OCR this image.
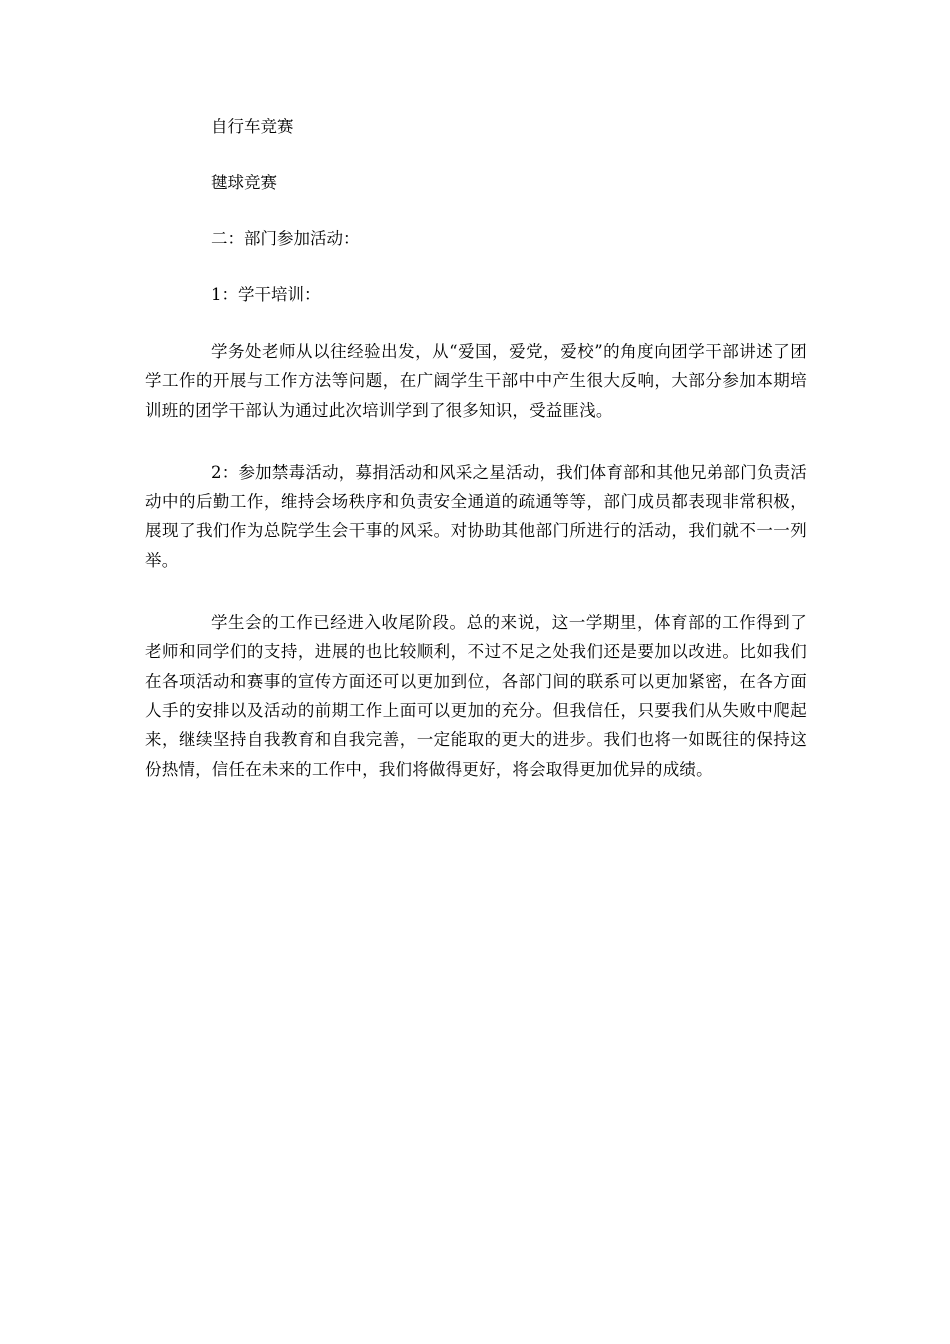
自行车竞赛

毽球竞赛

二：部门参加活动：

1：学干培训：

学务处老师从以往经验出发，从“爱国，爱党，爱校”的角度向团学干部讲述了团学工作的开展与工作方法等问题，在广阔学生干部中中产生很大反响，大部分参加本期培训班的团学干部认为通过此次培训学到了很多知识，受益匪浅。

2：参加禁毒活动，募捐活动和风采之星活动，我们体育部和其他兄弟部门负责活动中的后勤工作，维持会场秩序和负责安全通道的疏通等等，部门成员都表现非常积极，展现了我们作为总院学生会干事的风采。对协助其他部门所进行的活动，我们就不一一列举。

学生会的工作已经进入收尾阶段。总的来说，这一学期里，体育部的工作得到了老师和同学们的支持，进展的也比较顺利，不过不足之处我们还是要加以改进。比如我们在各项活动和赛事的宣传方面还可以更加到位，各部门间的联系可以更加紧密，在各方面人手的安排以及活动的前期工作上面可以更加的充分。但我信任，只要我们从失败中爬起来，继续坚持自我教育和自我完善，一定能取的更大的进步。我们也将一如既往的保持这份热情，信任在未来的工作中，我们将做得更好，将会取得更加优异的成绩。
